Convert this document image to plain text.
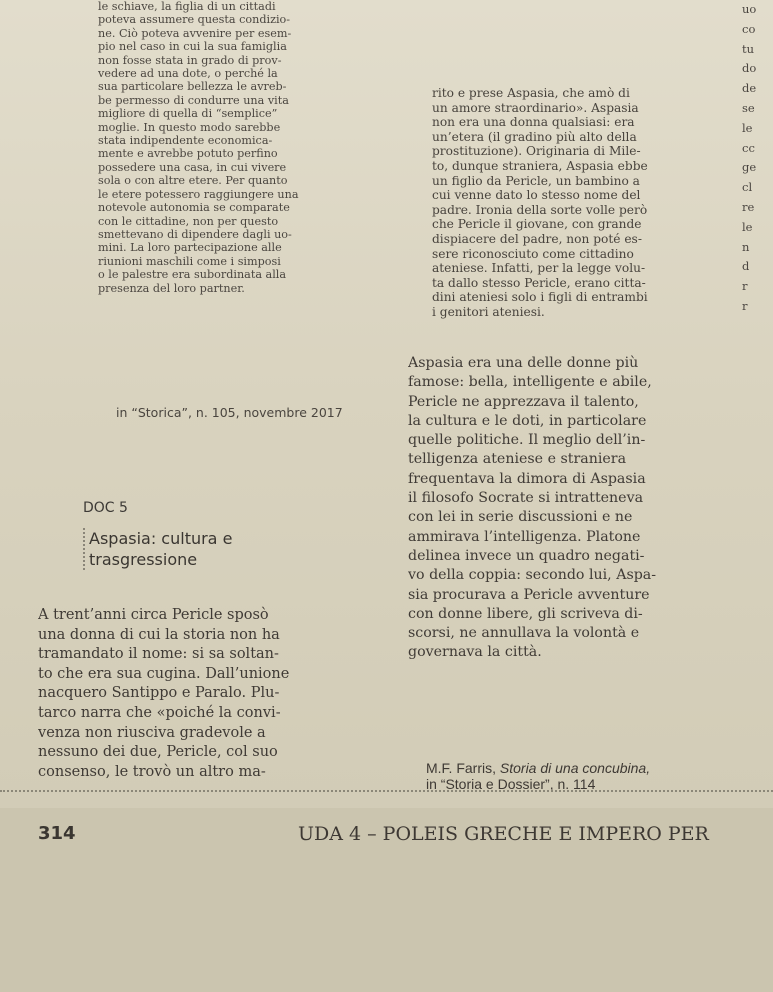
le schiave, la figlia di un cittadi
poteva assumere questa condizio-
ne. Ciò poteva avvenire per esem-
pio nel caso in cui la sua famiglia
non fosse stata in grado di prov-
vedere ad una dote, o perché la
sua particolare bellezza le avreb-
be permesso di condurre una vita
migliore di quella di “semplice”
moglie. In questo modo sarebbe
stata indipendente economica-
mente e avrebbe potuto perfino
possedere una casa, in cui vivere
sola o con altre etere. Per quanto
le etere potessero raggiungere una
notevole autonomia se comparate
con le cittadine, non per questo
smettevano di dipendere dagli uo-
mini. La loro partecipazione alle
riunioni maschili come i simposi
o le palestre era subordinata alla
presenza del loro partner.
rito e prese Aspasia, che amò di
un amore straordinario». Aspasia
non era una donna qualsiasi: era
un’etera (il gradino più alto della
prostituzione). Originaria di Mile-
to, dunque straniera, Aspasia ebbe
un figlio da Pericle, un bambino a
cui venne dato lo stesso nome del
padre. Ironia della sorte volle però
che Pericle il giovane, con grande
dispiacere del padre, non poté es-
sere riconosciuto come cittadino
ateniese. Infatti, per la legge volu-
ta dallo stesso Pericle, erano citta-
dini ateniesi solo i figli di entrambi
i genitori ateniesi.
Aspasia era una delle donne più
famose: bella, intelligente e abile,
Pericle ne apprezzava il talento,
la cultura e le doti, in particolare
quelle politiche. Il meglio dell’in-
telligenza ateniese e straniera
frequentava la dimora di Aspasia
il filosofo Socrate si intratteneva
con lei in serie discussioni e ne
ammirava l’intelligenza. Platone
delinea invece un quadro negati-
vo della coppia: secondo lui, Aspa-
sia procurava a Pericle avventure
con donne libere, gli scriveva di-
scorsi, ne annullava la volontà e
governava la città.
uo
co
tu
do
de
se
le
cc
ge
cl
re
le
n
d
r
r
in “Storica”, n. 105, novembre 2017
DOC 5
Aspasia: cultura e
trasgressione
A trent’anni circa Pericle sposò
una donna di cui la storia non ha
tramandato il nome: si sa soltan-
to che era sua cugina. Dall’unione
nacquero Santippo e Paralo. Plu-
tarco narra che «poiché la convi-
venza non riusciva gradevole a
nessuno dei due, Pericle, col suo
consenso, le trovò un altro ma-	M.F. Farris, Storia di una concubina,
in “Storia e Dossier”, n. 114
314	UDA 4 – POLEIS GRECHE E IMPERO PER
